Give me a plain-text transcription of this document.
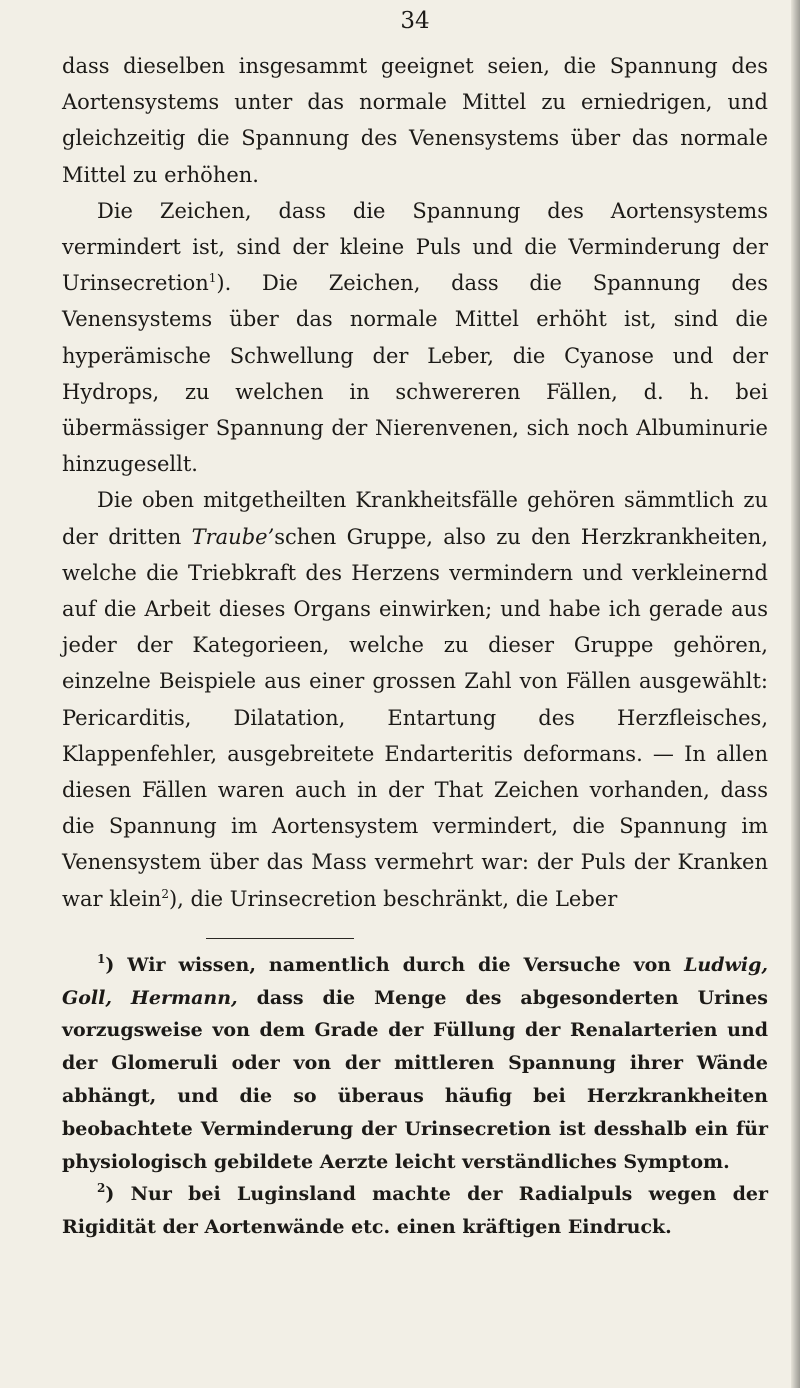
34

dass dieselben insgesammt geeignet seien, die Spannung des Aortensystems unter das normale Mittel zu erniedrigen, und gleichzeitig die Spannung des Venensystems über das normale Mittel zu erhöhen.

Die Zeichen, dass die Spannung des Aortensystems vermindert ist, sind der kleine Puls und die Verminderung der Urinsecretion$^1$). Die Zeichen, dass die Spannung des Venensystems über das normale Mittel erhöht ist, sind die hyperämische Schwellung der Leber, die Cyanose und der Hydrops, zu welchen in schwereren Fällen, d. h. bei übermässiger Spannung der Nierenvenen, sich noch Albuminurie hinzugesellt.

Die oben mitgetheilten Krankheitsfälle gehören sämmtlich zu der dritten Traube’schen Gruppe, also zu den Herzkrankheiten, welche die Triebkraft des Herzens vermindern und verkleinernd auf die Arbeit dieses Organs einwirken; und habe ich gerade aus jeder der Kategorieen, welche zu dieser Gruppe gehören, einzelne Beispiele aus einer grossen Zahl von Fällen ausgewählt: Pericarditis, Dilatation, Entartung des Herzfleisches, Klappenfehler, ausgebreitete Endarteritis deformans. — In allen diesen Fällen waren auch in der That Zeichen vorhanden, dass die Spannung im Aortensystem vermindert, die Spannung im Venensystem über das Mass vermehrt war: der Puls der Kranken war klein$^2$), die Urinsecretion beschränkt, die Leber

$^1$) Wir wissen, namentlich durch die Versuche von Ludwig, Goll, Hermann, dass die Menge des abgesonderten Urines vorzugsweise von dem Grade der Füllung der Renalarterien und der Glomeruli oder von der mittleren Spannung ihrer Wände abhängt, und die so überaus häufig bei Herzkrankheiten beobachtete Verminderung der Urinsecretion ist desshalb ein für physiologisch gebildete Aerzte leicht verständliches Symptom.

$^2$) Nur bei Luginsland machte der Radialpuls wegen der Rigidität der Aortenwände etc. einen kräftigen Eindruck.
